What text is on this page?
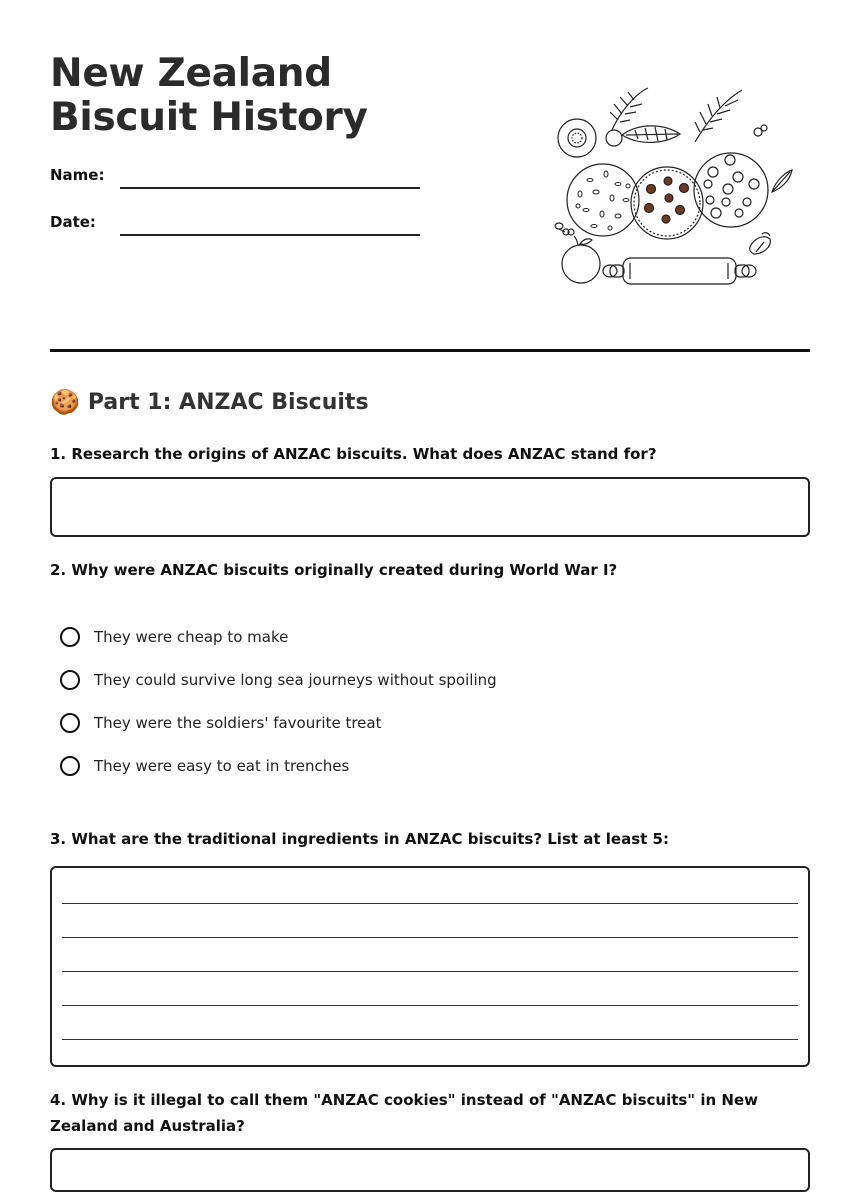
New Zealand Biscuit History
Name:
Date:
🍪 Part 1: ANZAC Biscuits
1. Research the origins of ANZAC biscuits. What does ANZAC stand for?
2. Why were ANZAC biscuits originally created during World War I?
They were cheap to make
They could survive long sea journeys without spoiling
They were the soldiers' favourite treat
They were easy to eat in trenches
3. What are the traditional ingredients in ANZAC biscuits? List at least 5:
4. Why is it illegal to call them "ANZAC cookies" instead of "ANZAC biscuits" in New Zealand and Australia?
